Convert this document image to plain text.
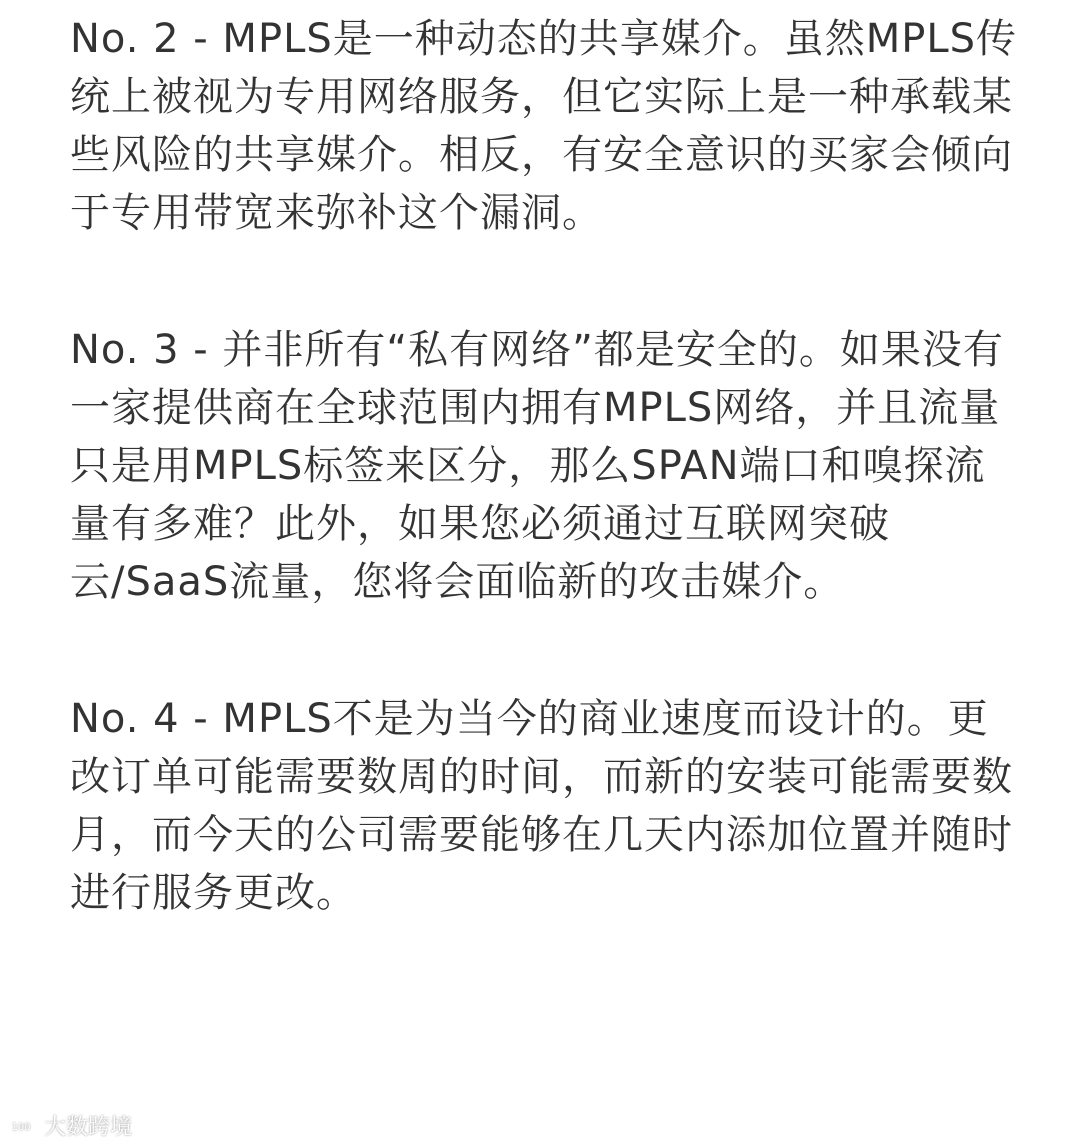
No. 2 - MPLS是一种动态的共享媒介。虽然MPLS传
统上被视为专用网络服务，但它实际上是一种承载某
些风险的共享媒介。相反，有安全意识的买家会倾向
于专用带宽来弥补这个漏洞。
No. 3 - 并非所有“私有网络”都是安全的。如果没有
一家提供商在全球范围内拥有MPLS网络，并且流量
只是用MPLS标签来区分，那么SPAN端口和嗅探流
量有多难？此外，如果您必须通过互联网突破
云/SaaS流量，您将会面临新的攻击媒介。
No. 4 - MPLS不是为当今的商业速度而设计的。更
改订单可能需要数周的时间，而新的安装可能需要数
月，而今天的公司需要能够在几天内添加位置并随时
进行服务更改。
100 大数跨境
